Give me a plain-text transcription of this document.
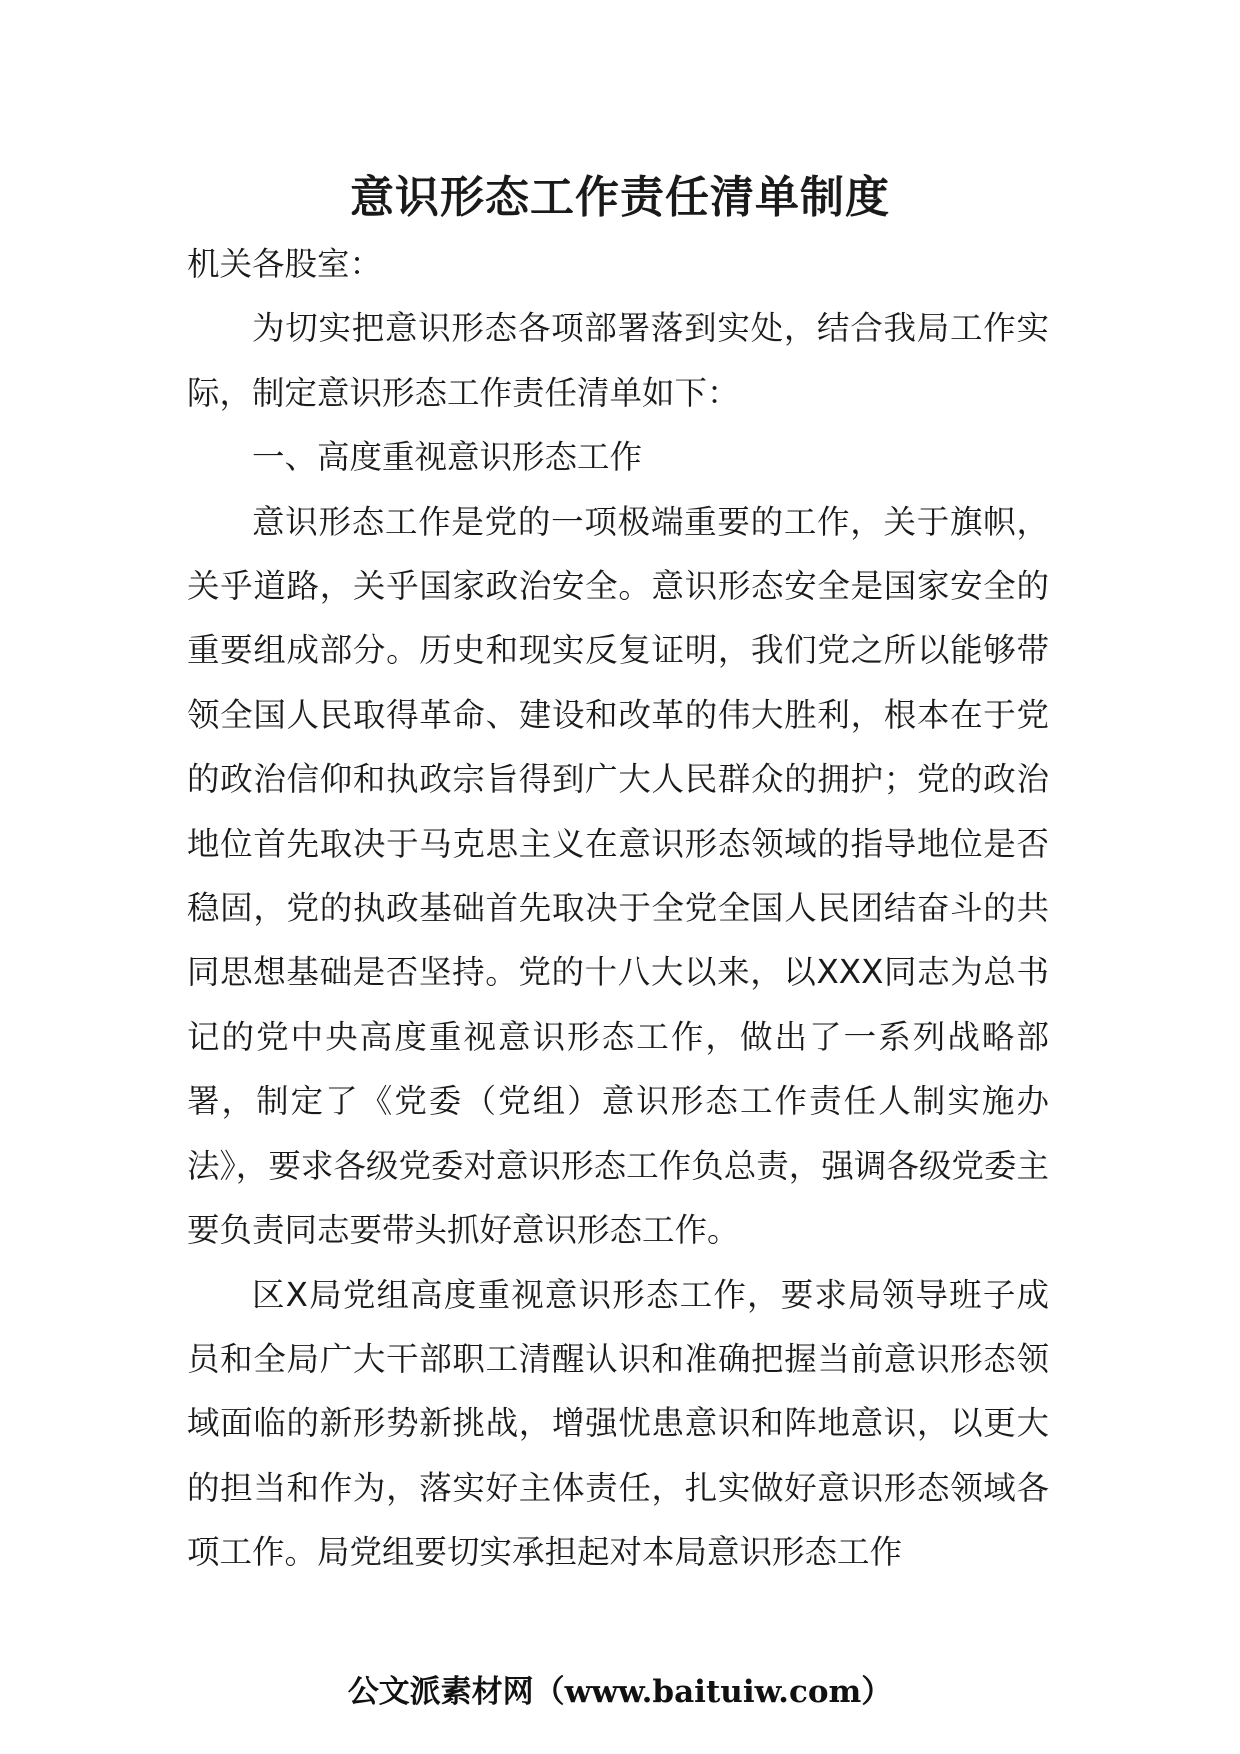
意识形态工作责任清单制度

机关各股室：

为切实把意识形态各项部署落到实处，结合我局工作实际，制定意识形态工作责任清单如下：

一、高度重视意识形态工作

意识形态工作是党的一项极端重要的工作，关于旗帜，关乎道路，关乎国家政治安全。意识形态安全是国家安全的重要组成部分。历史和现实反复证明，我们党之所以能够带领全国人民取得革命、建设和改革的伟大胜利，根本在于党的政治信仰和执政宗旨得到广大人民群众的拥护；党的政治地位首先取决于马克思主义在意识形态领域的指导地位是否稳固，党的执政基础首先取决于全党全国人民团结奋斗的共同思想基础是否坚持。党的十八大以来，以XXX同志为总书记的党中央高度重视意识形态工作，做出了一系列战略部署，制定了《党委（党组）意识形态工作责任人制实施办法》，要求各级党委对意识形态工作负总责，强调各级党委主要负责同志要带头抓好意识形态工作。

区X局党组高度重视意识形态工作，要求局领导班子成员和全局广大干部职工清醒认识和准确把握当前意识形态领域面临的新形势新挑战，增强忧患意识和阵地意识，以更大的担当和作为，落实好主体责任，扎实做好意识形态领域各项工作。局党组要切实承担起对本局意识形态工作

公文派素材网（www.baituiw.com）
